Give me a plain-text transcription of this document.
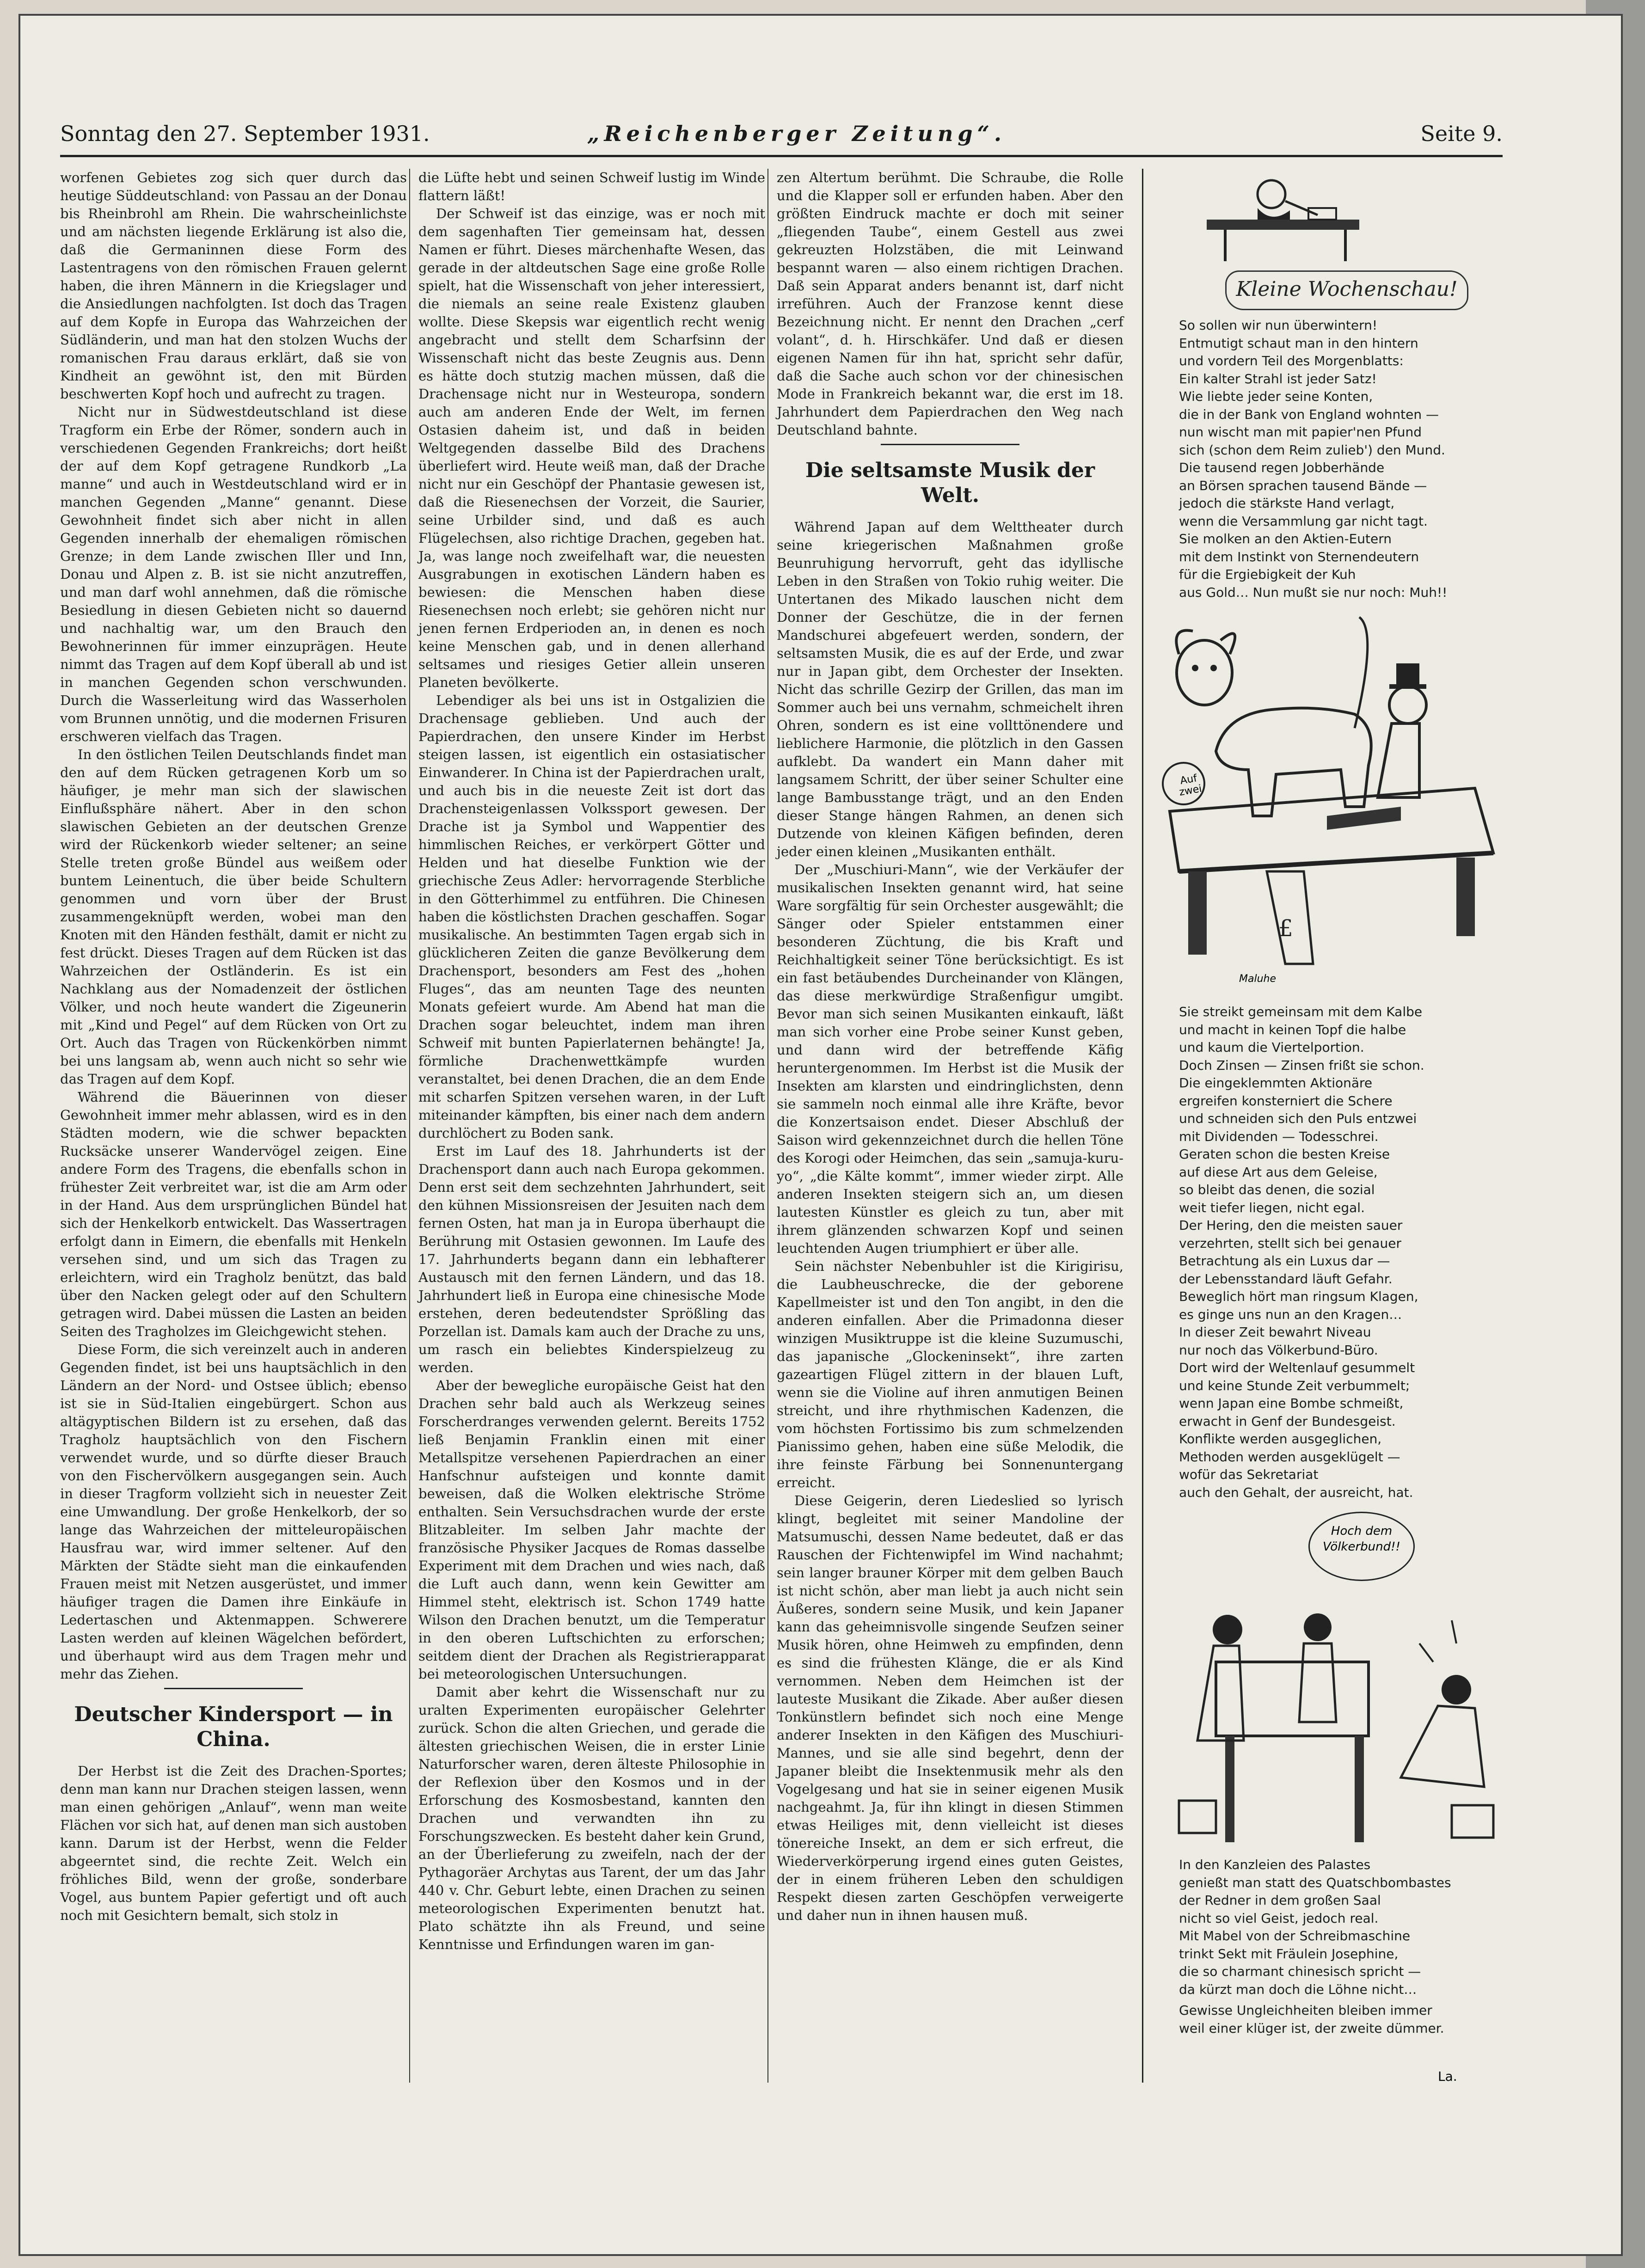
Sonntag den 27. September 1931.	„Reichenberger Zeitung“.	Seite 9.

worfenen Gebietes zog sich quer durch das heutige Süddeutschland: von Passau an der Donau bis Rheinbrohl am Rhein. Die wahrscheinlichste und am nächsten liegende Erklärung ist also die, daß die Germaninnen diese Form des Lastentragens von den römischen Frauen gelernt haben, die ihren Männern in die Kriegslager und die Ansiedlungen nachfolgten. Ist doch das Tragen auf dem Kopfe in Europa das Wahrzeichen der Südländerin, und man hat den stolzen Wuchs der romanischen Frau daraus erklärt, daß sie von Kindheit an gewöhnt ist, den mit Bürden beschwerten Kopf hoch und aufrecht zu tragen.

Nicht nur in Südwestdeutschland ist diese Tragform ein Erbe der Römer, sondern auch in verschiedenen Gegenden Frankreichs; dort heißt der auf dem Kopf getragene Rundkorb „La manne“ und auch in Westdeutschland wird er in manchen Gegenden „Manne“ genannt. Diese Gewohnheit findet sich aber nicht in allen Gegenden innerhalb der ehemaligen römischen Grenze; in dem Lande zwischen Iller und Inn, Donau und Alpen z. B. ist sie nicht anzutreffen, und man darf wohl annehmen, daß die römische Besiedlung in diesen Gebieten nicht so dauernd und nachhaltig war, um den Brauch den Bewohnerinnen für immer einzuprägen. Heute nimmt das Tragen auf dem Kopf überall ab und ist in manchen Gegenden schon verschwunden. Durch die Wasserleitung wird das Wasserholen vom Brunnen unnötig, und die modernen Frisuren erschweren vielfach das Tragen.

In den östlichen Teilen Deutschlands findet man den auf dem Rücken getragenen Korb um so häufiger, je mehr man sich der slawischen Einflußsphäre nähert. Aber in den schon slawischen Gebieten an der deutschen Grenze wird der Rückenkorb wieder seltener; an seine Stelle treten große Bündel aus weißem oder buntem Leinentuch, die über beide Schultern genommen und vorn über der Brust zusammengeknüpft werden, wobei man den Knoten mit den Händen festhält, damit er nicht zu fest drückt. Dieses Tragen auf dem Rücken ist das Wahrzeichen der Ostländerin. Es ist ein Nachklang aus der Nomadenzeit der östlichen Völker, und noch heute wandert die Zigeunerin mit „Kind und Pegel“ auf dem Rücken von Ort zu Ort. Auch das Tragen von Rückenkörben nimmt bei uns langsam ab, wenn auch nicht so sehr wie das Tragen auf dem Kopf.

Während die Bäuerinnen von dieser Gewohnheit immer mehr ablassen, wird es in den Städten modern, wie die schwer bepackten Rucksäcke unserer Wandervögel zeigen. Eine andere Form des Tragens, die ebenfalls schon in frühester Zeit verbreitet war, ist die am Arm oder in der Hand. Aus dem ursprünglichen Bündel hat sich der Henkelkorb entwickelt. Das Wassertragen erfolgt dann in Eimern, die ebenfalls mit Henkeln versehen sind, und um sich das Tragen zu erleichtern, wird ein Tragholz benützt, das bald über den Nacken gelegt oder auf den Schultern getragen wird. Dabei müssen die Lasten an beiden Seiten des Tragholzes im Gleichgewicht stehen.

Diese Form, die sich vereinzelt auch in anderen Gegenden findet, ist bei uns hauptsächlich in den Ländern an der Nord- und Ostsee üblich; ebenso ist sie in Süd-Italien eingebürgert. Schon aus altägyptischen Bildern ist zu ersehen, daß das Tragholz hauptsächlich von den Fischern verwendet wurde, und so dürfte dieser Brauch von den Fischervölkern ausgegangen sein. Auch in dieser Tragform vollzieht sich in neuester Zeit eine Umwandlung. Der große Henkelkorb, der so lange das Wahrzeichen der mitteleuropäischen Hausfrau war, wird immer seltener. Auf den Märkten der Städte sieht man die einkaufenden Frauen meist mit Netzen ausgerüstet, und immer häufiger tragen die Damen ihre Einkäufe in Ledertaschen und Aktenmappen. Schwerere Lasten werden auf kleinen Wägelchen befördert, und überhaupt wird aus dem Tragen mehr und mehr das Ziehen.

Deutscher Kindersport — in China.

Der Herbst ist die Zeit des Drachen-Sportes; denn man kann nur Drachen steigen lassen, wenn man einen gehörigen „Anlauf“, wenn man weite Flächen vor sich hat, auf denen man sich austoben kann. Darum ist der Herbst, wenn die Felder abgeerntet sind, die rechte Zeit. Welch ein fröhliches Bild, wenn der große, sonderbare Vogel, aus buntem Papier gefertigt und oft auch noch mit Gesichtern bemalt, sich stolz in

die Lüfte hebt und seinen Schweif lustig im Winde flattern läßt!

Der Schweif ist das einzige, was er noch mit dem sagenhaften Tier gemeinsam hat, dessen Namen er führt. Dieses märchenhafte Wesen, das gerade in der altdeutschen Sage eine große Rolle spielt, hat die Wissenschaft von jeher interessiert, die niemals an seine reale Existenz glauben wollte. Diese Skepsis war eigentlich recht wenig angebracht und stellt dem Scharfsinn der Wissenschaft nicht das beste Zeugnis aus. Denn es hätte doch stutzig machen müssen, daß die Drachensage nicht nur in Westeuropa, sondern auch am anderen Ende der Welt, im fernen Ostasien daheim ist, und daß in beiden Weltgegenden dasselbe Bild des Drachens überliefert wird. Heute weiß man, daß der Drache nicht nur ein Geschöpf der Phantasie gewesen ist, daß die Riesenechsen der Vorzeit, die Saurier, seine Urbilder sind, und daß es auch Flügelechsen, also richtige Drachen, gegeben hat. Ja, was lange noch zweifelhaft war, die neuesten Ausgrabungen in exotischen Ländern haben es bewiesen: die Menschen haben diese Riesenechsen noch erlebt; sie gehören nicht nur jenen fernen Erdperioden an, in denen es noch keine Menschen gab, und in denen allerhand seltsames und riesiges Getier allein unseren Planeten bevölkerte.

Lebendiger als bei uns ist in Ostgalizien die Drachensage geblieben. Und auch der Papierdrachen, den unsere Kinder im Herbst steigen lassen, ist eigentlich ein ostasiatischer Einwanderer. In China ist der Papierdrachen uralt, und auch bis in die neueste Zeit ist dort das Drachensteigenlassen Volkssport gewesen. Der Drache ist ja Symbol und Wappentier des himmlischen Reiches, er verkörpert Götter und Helden und hat dieselbe Funktion wie der griechische Zeus Adler: hervorragende Sterbliche in den Götterhimmel zu entführen. Die Chinesen haben die köstlichsten Drachen geschaffen. Sogar musikalische. An bestimmten Tagen ergab sich in glücklicheren Zeiten die ganze Bevölkerung dem Drachensport, besonders am Fest des „hohen Fluges“, das am neunten Tage des neunten Monats gefeiert wurde. Am Abend hat man die Drachen sogar beleuchtet, indem man ihren Schweif mit bunten Papierlaternen behängte! Ja, förmliche Drachenwettkämpfe wurden veranstaltet, bei denen Drachen, die an dem Ende mit scharfen Spitzen versehen waren, in der Luft miteinander kämpften, bis einer nach dem andern durchlöchert zu Boden sank.

Erst im Lauf des 18. Jahrhunderts ist der Drachensport dann auch nach Europa gekommen. Denn erst seit dem sechzehnten Jahrhundert, seit den kühnen Missionsreisen der Jesuiten nach dem fernen Osten, hat man ja in Europa überhaupt die Berührung mit Ostasien gewonnen. Im Laufe des 17. Jahrhunderts begann dann ein lebhafterer Austausch mit den fernen Ländern, und das 18. Jahrhundert ließ in Europa eine chinesische Mode erstehen, deren bedeutendster Sprößling das Porzellan ist. Damals kam auch der Drache zu uns, um rasch ein beliebtes Kinderspielzeug zu werden.

Aber der bewegliche europäische Geist hat den Drachen sehr bald auch als Werkzeug seines Forscherdranges verwenden gelernt. Bereits 1752 ließ Benjamin Franklin einen mit einer Metallspitze versehenen Papierdrachen an einer Hanfschnur aufsteigen und konnte damit beweisen, daß die Wolken elektrische Ströme enthalten. Sein Versuchsdrachen wurde der erste Blitzableiter. Im selben Jahr machte der französische Physiker Jacques de Romas dasselbe Experiment mit dem Drachen und wies nach, daß die Luft auch dann, wenn kein Gewitter am Himmel steht, elektrisch ist. Schon 1749 hatte Wilson den Drachen benutzt, um die Temperatur in den oberen Luftschichten zu erforschen; seitdem dient der Drachen als Registrierapparat bei meteorologischen Untersuchungen.

Damit aber kehrt die Wissenschaft nur zu uralten Experimenten europäischer Gelehrter zurück. Schon die alten Griechen, und gerade die ältesten griechischen Weisen, die in erster Linie Naturforscher waren, deren älteste Philosophie in der Reflexion über den Kosmos und in der Erforschung des Kosmosbestand, kannten den Drachen und verwandten ihn zu Forschungszwecken. Es besteht daher kein Grund, an der Überlieferung zu zweifeln, nach der der Pythagoräer Archytas aus Tarent, der um das Jahr 440 v. Chr. Geburt lebte, einen Drachen zu seinen meteorologischen Experimenten benutzt hat. Plato schätzte ihn als Freund, und seine Kenntnisse und Erfindungen waren im gan-

zen Altertum berühmt. Die Schraube, die Rolle und die Klapper soll er erfunden haben. Aber den größten Eindruck machte er doch mit seiner „fliegenden Taube“, einem Gestell aus zwei gekreuzten Holzstäben, die mit Leinwand bespannt waren — also einem richtigen Drachen. Daß sein Apparat anders benannt ist, darf nicht irreführen. Auch der Franzose kennt diese Bezeichnung nicht. Er nennt den Drachen „cerf volant“, d. h. Hirschkäfer. Und daß er diesen eigenen Namen für ihn hat, spricht sehr dafür, daß die Sache auch schon vor der chinesischen Mode in Frankreich bekannt war, die erst im 18. Jahrhundert dem Papierdrachen den Weg nach Deutschland bahnte.

Die seltsamste Musik der Welt.

Während Japan auf dem Welttheater durch seine kriegerischen Maßnahmen große Beunruhigung hervorruft, geht das idyllische Leben in den Straßen von Tokio ruhig weiter. Die Untertanen des Mikado lauschen nicht dem Donner der Geschütze, die in der fernen Mandschurei abgefeuert werden, sondern, der seltsamsten Musik, die es auf der Erde, und zwar nur in Japan gibt, dem Orchester der Insekten. Nicht das schrille Gezirp der Grillen, das man im Sommer auch bei uns vernahm, schmeichelt ihren Ohren, sondern es ist eine vollttönendere und lieblichere Harmonie, die plötzlich in den Gassen aufklebt. Da wandert ein Mann daher mit langsamem Schritt, der über seiner Schulter eine lange Bambusstange trägt, und an den Enden dieser Stange hängen Rahmen, an denen sich Dutzende von kleinen Käfigen befinden, deren jeder einen kleinen „Musikanten enthält.

Der „Muschiuri-Mann“, wie der Verkäufer der musikalischen Insekten genannt wird, hat seine Ware sorgfältig für sein Orchester ausgewählt; die Sänger oder Spieler entstammen einer besonderen Züchtung, die bis Kraft und Reichhaltigkeit seiner Töne berücksichtigt. Es ist ein fast betäubendes Durcheinander von Klängen, das diese merkwürdige Straßenfigur umgibt. Bevor man sich seinen Musikanten einkauft, läßt man sich vorher eine Probe seiner Kunst geben, und dann wird der betreffende Käfig heruntergenommen. Im Herbst ist die Musik der Insekten am klarsten und eindringlichsten, denn sie sammeln noch einmal alle ihre Kräfte, bevor die Konzertsaison endet. Dieser Abschluß der Saison wird gekennzeichnet durch die hellen Töne des Korogi oder Heimchen, das sein „samuja-kuru-yo“, „die Kälte kommt“, immer wieder zirpt. Alle anderen Insekten steigern sich an, um diesen lautesten Künstler es gleich zu tun, aber mit ihrem glänzenden schwarzen Kopf und seinen leuchtenden Augen triumphiert er über alle.

Sein nächster Nebenbuhler ist die Kirigirisu, die Laubheuschrecke, die der geborene Kapellmeister ist und den Ton angibt, in den die anderen einfallen. Aber die Primadonna dieser winzigen Musiktruppe ist die kleine Suzumuschi, das japanische „Glockeninsekt“, ihre zarten gazeartigen Flügel zittern in der blauen Luft, wenn sie die Violine auf ihren anmutigen Beinen streicht, und ihre rhythmischen Kadenzen, die vom höchsten Fortissimo bis zum schmelzenden Pianissimo gehen, haben eine süße Melodik, die ihre feinste Färbung bei Sonnenuntergang erreicht.

Diese Geigerin, deren Liedeslied so lyrisch klingt, begleitet mit seiner Mandoline der Matsumuschi, dessen Name bedeutet, daß er das Rauschen der Fichtenwipfel im Wind nachahmt; sein langer brauner Körper mit dem gelben Bauch ist nicht schön, aber man liebt ja auch nicht sein Äußeres, sondern seine Musik, und kein Japaner kann das geheimnisvolle singende Seufzen seiner Musik hören, ohne Heimweh zu empfinden, denn es sind die frühesten Klänge, die er als Kind vernommen. Neben dem Heimchen ist der lauteste Musikant die Zikade. Aber außer diesen Tonkünstlern befindet sich noch eine Menge anderer Insekten in den Käfigen des Muschiuri-Mannes, und sie alle sind begehrt, denn der Japaner bleibt die Insektenmusik mehr als den Vogelgesang und hat sie in seiner eigenen Musik nachgeahmt. Ja, für ihn klingt in diesen Stimmen etwas Heiliges mit, denn vielleicht ist dieses tönereiche Insekt, an dem er sich erfreut, die Wiederverkörperung irgend eines guten Geistes, der in einem früheren Leben den schuldigen Respekt diesen zarten Geschöpfen verweigerte und daher nun in ihnen hausen muß.

Kleine Wochenschau!
So sollen wir nun überwintern!
Entmutigt schaut man in den hintern
und vordern Teil des Morgenblatts:
Ein kalter Strahl ist jeder Satz!
Wie liebte jeder seine Konten,
die in der Bank von England wohnten —
nun wischt man mit papier'nen Pfund
sich (schon dem Reim zulieb') den Mund.
Die tausend regen Jobberhände
an Börsen sprachen tausend Bände —
jedoch die stärkste Hand verlagt,
wenn die Versammlung gar nicht tagt.
Sie molken an den Aktien-Eutern
mit dem Instinkt von Sternendeutern
für die Ergiebigkeit der Kuh
aus Gold… Nun mußt sie nur noch: Muh!!
£
Auf zwei
Maluhe
Sie streikt gemeinsam mit dem Kalbe
und macht in keinen Topf die halbe
und kaum die Viertelportion.
Doch Zinsen — Zinsen frißt sie schon.
Die eingeklemmten Aktionäre
ergreifen konsterniert die Schere
und schneiden sich den Puls entzwei
mit Dividenden — Todesschrei.
Geraten schon die besten Kreise
auf diese Art aus dem Geleise,
so bleibt das denen, die sozial
weit tiefer liegen, nicht egal.
Der Hering, den die meisten sauer
verzehrten, stellt sich bei genauer
Betrachtung als ein Luxus dar —
der Lebensstandard läuft Gefahr.
Beweglich hört man ringsum Klagen,
es ginge uns nun an den Kragen…
In dieser Zeit bewahrt Niveau
nur noch das Völkerbund-Büro.
Dort wird der Weltenlauf gesummelt
und keine Stunde Zeit verbummelt;
wenn Japan eine Bombe schmeißt,
erwacht in Genf der Bundesgeist.
Konflikte werden ausgeglichen,
Methoden werden ausgeklügelt —
wofür das Sekretariat
auch den Gehalt, der ausreicht, hat.
Hoch dem Völkerbund!!
In den Kanzleien des Palastes
genießt man statt des Quatschbombastes
der Redner in dem großen Saal
nicht so viel Geist, jedoch real.
Mit Mabel von der Schreibmaschine
trinkt Sekt mit Fräulein Josephine,
die so charmant chinesisch spricht —
da kürzt man doch die Löhne nicht…
Gewisse Ungleichheiten bleiben immer
weil einer klüger ist, der zweite dümmer.
La.
